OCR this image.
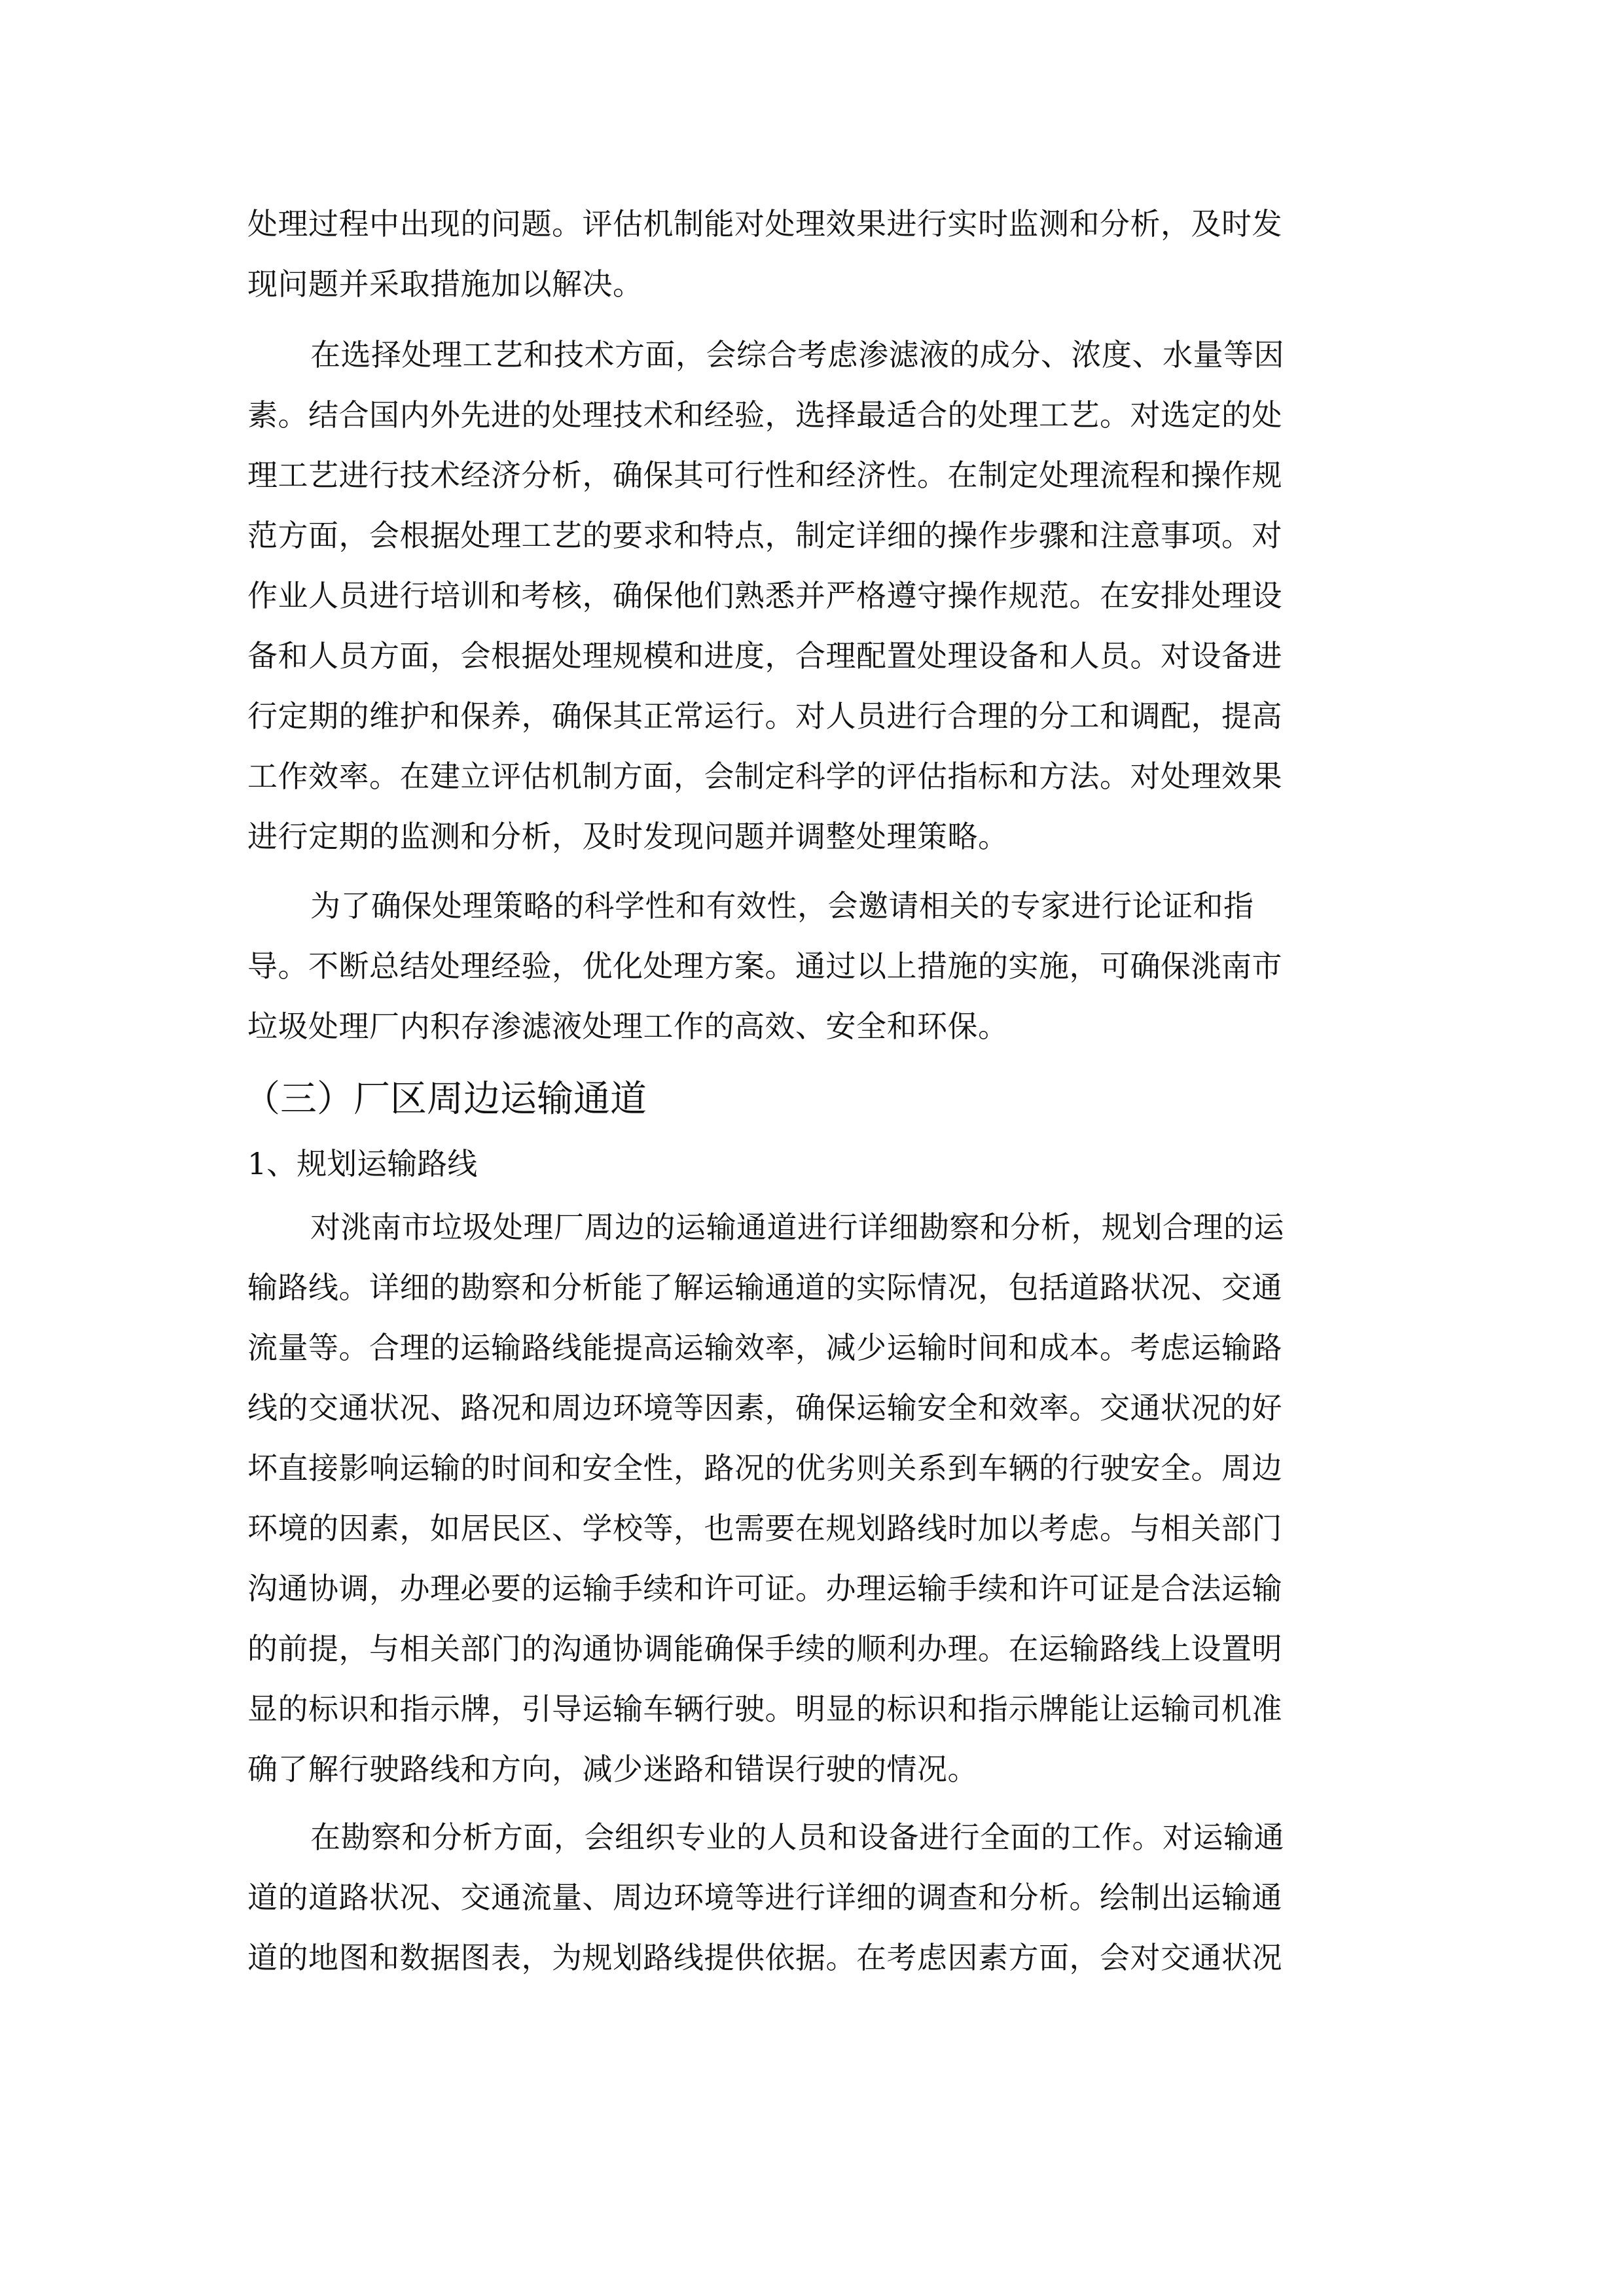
处理过程中出现的问题。评估机制能对处理效果进行实时监测和分析，及时发
现问题并采取措施加以解决。
在选择处理工艺和技术方面，会综合考虑渗滤液的成分、浓度、水量等因
素。结合国内外先进的处理技术和经验，选择最适合的处理工艺。对选定的处
理工艺进行技术经济分析，确保其可行性和经济性。在制定处理流程和操作规
范方面，会根据处理工艺的要求和特点，制定详细的操作步骤和注意事项。对
作业人员进行培训和考核，确保他们熟悉并严格遵守操作规范。在安排处理设
备和人员方面，会根据处理规模和进度，合理配置处理设备和人员。对设备进
行定期的维护和保养，确保其正常运行。对人员进行合理的分工和调配，提高
工作效率。在建立评估机制方面，会制定科学的评估指标和方法。对处理效果
进行定期的监测和分析，及时发现问题并调整处理策略。
为了确保处理策略的科学性和有效性，会邀请相关的专家进行论证和指
导。不断总结处理经验，优化处理方案。通过以上措施的实施，可确保洮南市
垃圾处理厂内积存渗滤液处理工作的高效、安全和环保。
（三）厂区周边运输通道
1、规划运输路线
对洮南市垃圾处理厂周边的运输通道进行详细勘察和分析，规划合理的运
输路线。详细的勘察和分析能了解运输通道的实际情况，包括道路状况、交通
流量等。合理的运输路线能提高运输效率，减少运输时间和成本。考虑运输路
线的交通状况、路况和周边环境等因素，确保运输安全和效率。交通状况的好
坏直接影响运输的时间和安全性，路况的优劣则关系到车辆的行驶安全。周边
环境的因素，如居民区、学校等，也需要在规划路线时加以考虑。与相关部门
沟通协调，办理必要的运输手续和许可证。办理运输手续和许可证是合法运输
的前提，与相关部门的沟通协调能确保手续的顺利办理。在运输路线上设置明
显的标识和指示牌，引导运输车辆行驶。明显的标识和指示牌能让运输司机准
确了解行驶路线和方向，减少迷路和错误行驶的情况。
在勘察和分析方面，会组织专业的人员和设备进行全面的工作。对运输通
道的道路状况、交通流量、周边环境等进行详细的调查和分析。绘制出运输通
道的地图和数据图表，为规划路线提供依据。在考虑因素方面，会对交通状况
